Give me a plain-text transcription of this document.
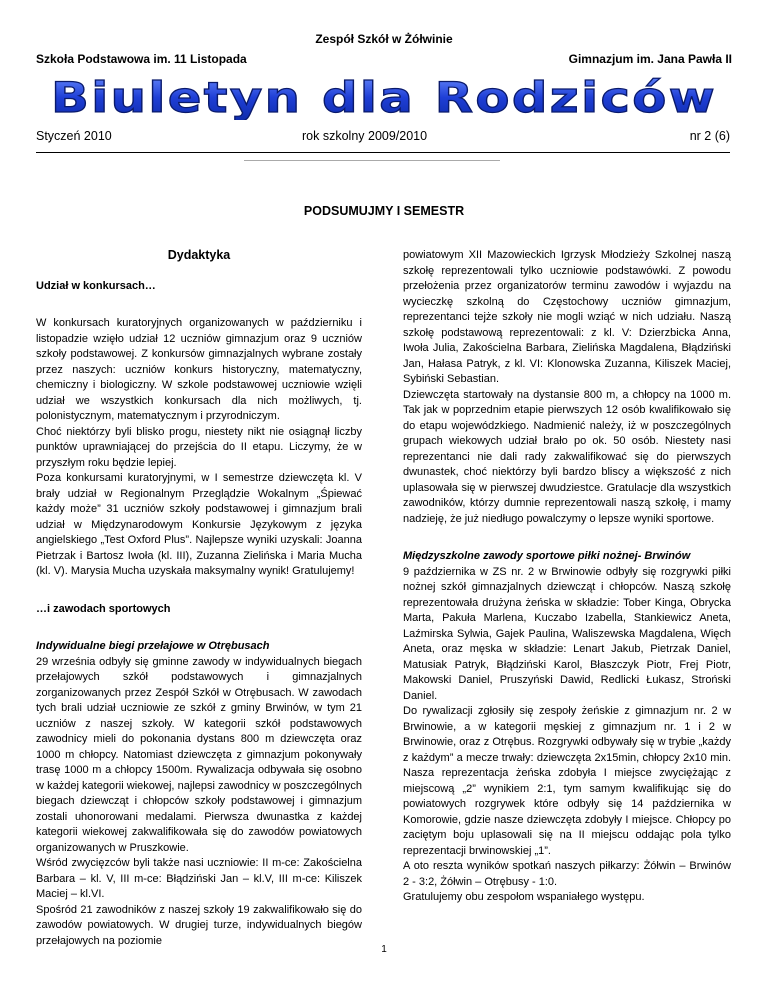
Zespół Szkół w Żółwinie
Szkoła Podstawowa im. 11 Listopada	Gimnazjum im. Jana Pawła II
Biuletyn dla Rodziców
Styczeń 2010	rok szkolny 2009/2010	nr 2 (6)
PODSUMUJMY I SEMESTR

Dydaktyka

Udział w konkursach…

W konkursach kuratoryjnych organizowanych w październiku i listopadzie wzięło udział 12 uczniów gimnazjum oraz 9 uczniów szkoły podstawowej. Z konkursów gimnazjalnych wybrane zostały przez naszych: uczniów konkurs historyczny, matematyczny, chemiczny i biologiczny. W szkole podstawowej uczniowie wzięli udział we wszystkich konkursach dla nich możliwych, tj. polonistycznym, matematycznym i przyrodniczym.

Choć niektórzy byli blisko progu, niestety nikt nie osiągnął liczby punktów uprawniającej do przejścia do II etapu. Liczymy, że w przyszłym roku będzie lepiej.

Poza konkursami kuratoryjnymi, w I semestrze dziewczęta kl. V brały udział w Regionalnym Przeglądzie Wokalnym „Śpiewać każdy może” 31 uczniów szkoły podstawowej i gimnazjum brali udział w Międzynarodowym Konkursie Językowym z języka angielskiego „Test Oxford Plus”. Najlepsze wyniki uzyskali: Joanna Pietrzak i Bartosz Iwoła (kl. III), Zuzanna Zielińska i Maria Mucha (kl. V). Marysia Mucha uzyskała maksymalny wynik! Gratulujemy!

…i zawodach sportowych

Indywidualne biegi przełajowe w Otrębusach

29 września odbyły się gminne zawody w indywidualnych biegach przełajowych szkół podstawowych i gimnazjalnych zorganizowanych przez Zespół Szkół w Otrębusach. W zawodach tych brali udział uczniowie ze szkół z gminy Brwinów, w tym 21 uczniów z naszej szkoły. W kategorii szkół podstawowych zawodnicy mieli do pokonania dystans 800 m dziewczęta oraz 1000 m chłopcy. Natomiast dziewczęta z gimnazjum pokonywały trasę 1000 m a chłopcy 1500m. Rywalizacja odbywała się osobno w każdej kategorii wiekowej, najlepsi zawodnicy w poszczególnych biegach dziewcząt i chłopców szkoły podstawowej i gimnazjum zostali uhonorowani medalami. Pierwsza dwunastka z każdej kategorii wiekowej zakwalifikowała się do zawodów powiatowych organizowanych w Pruszkowie.

Wśród zwycięzców byli także nasi uczniowie: II m-ce: Zakościelna Barbara – kl. V, III m-ce: Błądziński Jan – kl.V, III m-ce: Kiliszek Maciej – kl.VI.

Spośród 21 zawodników z naszej szkoły 19 zakwalifikowało się do zawodów powiatowych. W drugiej turze, indywidualnych biegów przełajowych na poziomie

powiatowym XII Mazowieckich Igrzysk Młodzieży Szkolnej naszą szkołę reprezentowali tylko uczniowie podstawówki. Z powodu przełożenia przez organizatorów terminu zawodów i wyjazdu na wycieczkę szkolną do Częstochowy uczniów gimnazjum, reprezentanci tejże szkoły nie mogli wziąć w nich udziału. Naszą szkołę podstawową reprezentowali: z kl. V: Dzierzbicka Anna, Iwoła Julia, Zakościelna Barbara, Zielińska Magdalena, Błądziński Jan, Hałasa Patryk, z kl. VI: Klonowska Zuzanna, Kiliszek Maciej, Sybiński Sebastian.

Dziewczęta startowały na dystansie 800 m, a chłopcy na 1000 m. Tak jak w poprzednim etapie pierwszych 12 osób kwalifikowało się do etapu wojewódzkiego. Nadmienić należy, iż w poszczególnych grupach wiekowych udział brało po ok. 50 osób. Niestety nasi reprezentanci nie dali rady zakwalifikować się do pierwszych dwunastek, choć niektórzy byli bardzo bliscy a większość z nich uplasowała się w pierwszej dwudziestce. Gratulacje dla wszystkich zawodników, którzy dumnie reprezentowali naszą szkołę, i mamy nadzieję, że już niedługo powalczymy o lepsze wyniki sportowe.

Międzyszkolne zawody sportowe piłki nożnej- Brwinów

9 października w ZS nr. 2 w Brwinowie odbyły się rozgrywki piłki nożnej szkół gimnazjalnych dziewcząt i chłopców. Naszą szkołę reprezentowała drużyna żeńska w składzie: Tober Kinga, Obrycka Marta, Pakuła Marlena, Kuczabo Izabella, Stankiewicz Aneta, Laźmirska Sylwia, Gajek Paulina, Waliszewska Magdalena, Więch Aneta, oraz męska w składzie: Lenart Jakub, Pietrzak Daniel, Matusiak Patryk, Błądziński Karol, Błaszczyk Piotr, Frej Piotr, Makowski Daniel, Pruszyński Dawid, Redlicki Łukasz, Stroński Daniel.

Do rywalizacji zgłosiły się zespoły żeńskie z gimnazjum nr. 2 w Brwinowie, a w kategorii męskiej z gimnazjum nr. 1 i 2 w Brwinowie, oraz z Otrębus. Rozgrywki odbywały się w trybie „każdy z każdym” a mecze trwały: dziewczęta 2x15min, chłopcy 2x10 min. Nasza reprezentacja żeńska zdobyła I miejsce zwyciężając z miejscową „2” wynikiem 2:1, tym samym kwalifikując się do powiatowych rozgrywek które odbyły się 14 października w Komorowie, gdzie nasze dziewczęta zdobyły I miejsce. Chłopcy po zaciętym boju uplasowali się na II miejscu oddając pola tylko reprezentacji brwinowskiej „1”.

A oto reszta wyników spotkań naszych piłkarzy: Żółwin – Brwinów 2 - 3:2, Żółwin – Otrębusy - 1:0.

Gratulujemy obu zespołom wspaniałego występu.

1
